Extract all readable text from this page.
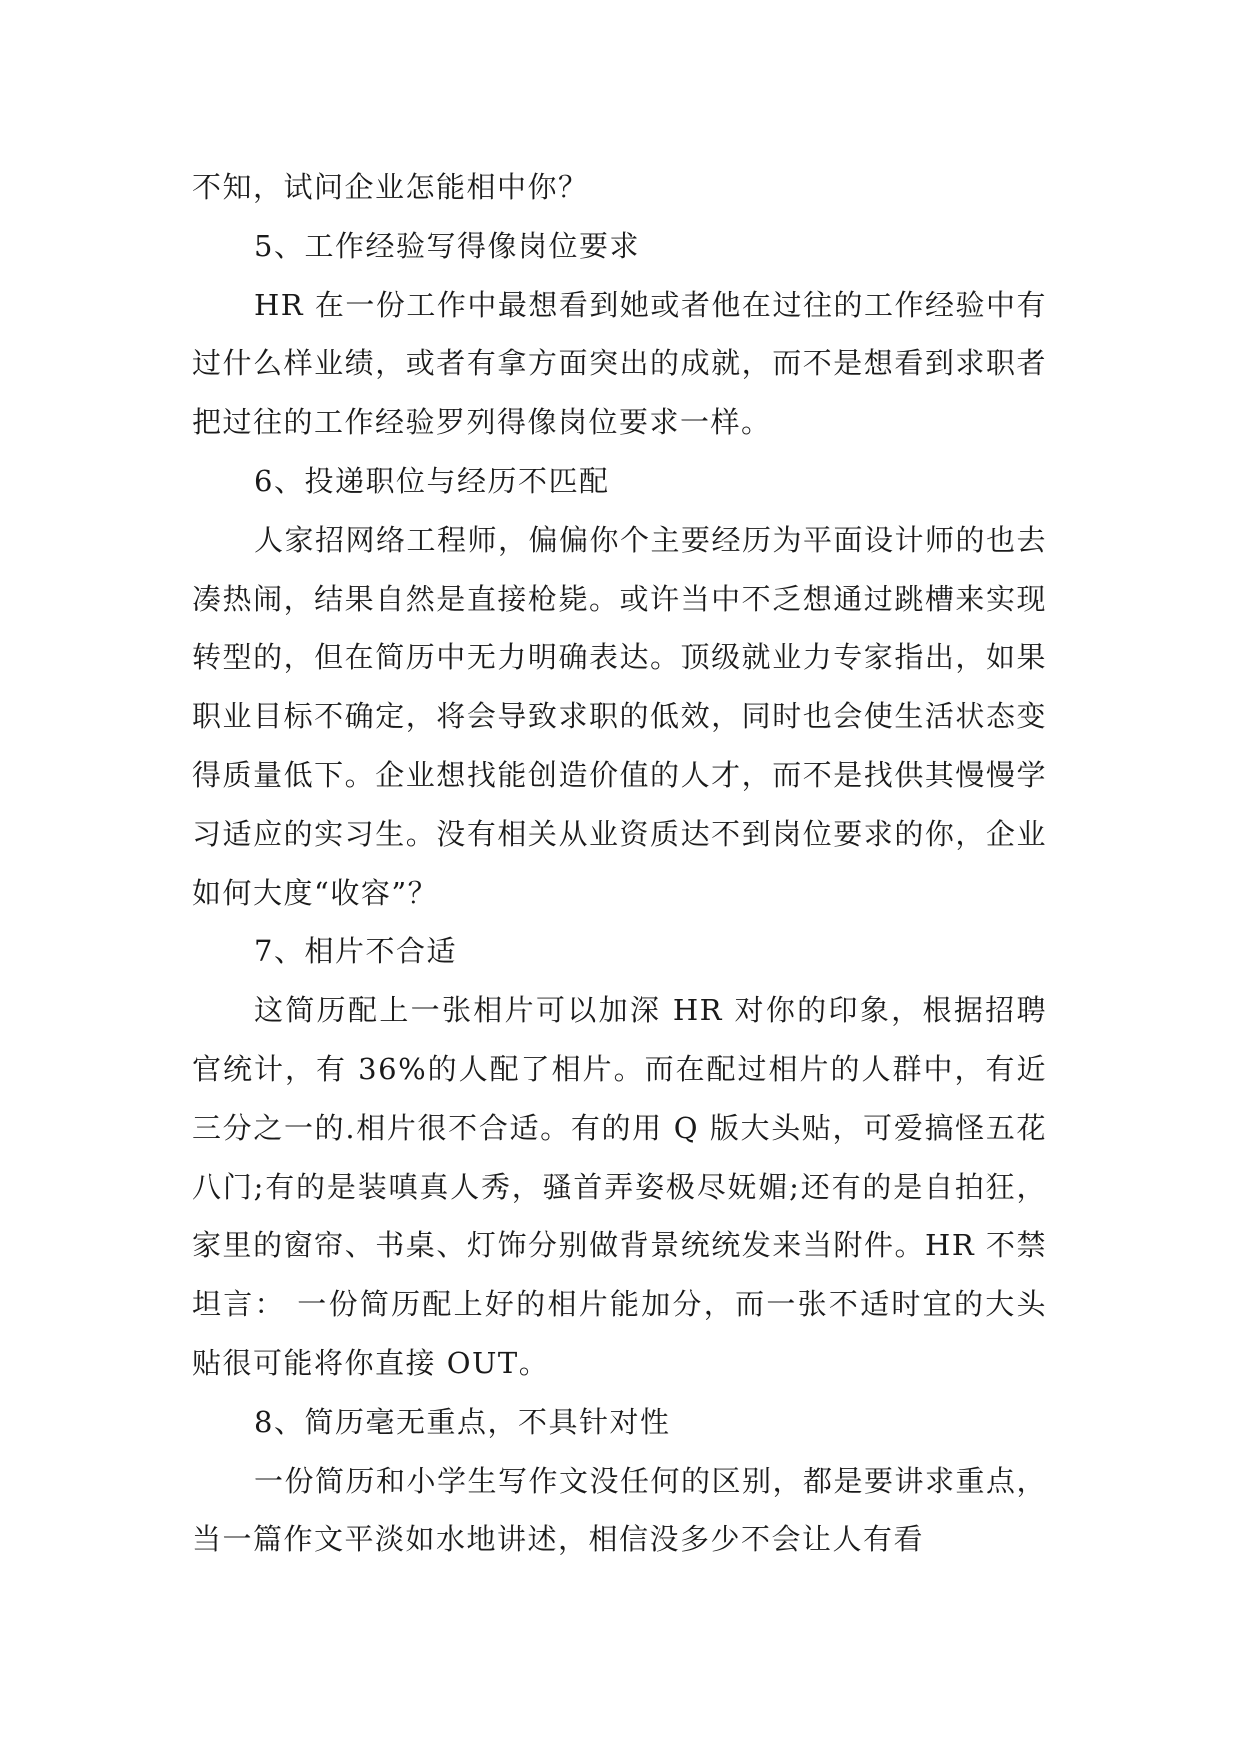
不知，试问企业怎能相中你？

5、工作经验写得像岗位要求

HR 在一份工作中最想看到她或者他在过往的工作经验中有过什么样业绩，或者有拿方面突出的成就，而不是想看到求职者把过往的工作经验罗列得像岗位要求一样。

6、投递职位与经历不匹配

人家招网络工程师，偏偏你个主要经历为平面设计师的也去凑热闹，结果自然是直接枪毙。或许当中不乏想通过跳槽来实现转型的，但在简历中无力明确表达。顶级就业力专家指出，如果职业目标不确定，将会导致求职的低效，同时也会使生活状态变得质量低下。企业想找能创造价值的人才，而不是找供其慢慢学习适应的实习生。没有相关从业资质达不到岗位要求的你，企业如何大度“收容”？

7、相片不合适

这简历配上一张相片可以加深 HR 对你的印象，根据招聘官统计，有 36%的人配了相片。而在配过相片的人群中，有近三分之一的.相片很不合适。有的用 Q 版大头贴，可爱搞怪五花八门;有的是装嗔真人秀，骚首弄姿极尽妩媚;还有的是自拍狂，家里的窗帘、书桌、灯饰分别做背景统统发来当附件。HR 不禁坦言： 一份简历配上好的相片能加分，而一张不适时宜的大头贴很可能将你直接 OUT。

8、简历毫无重点，不具针对性

一份简历和小学生写作文没任何的区别，都是要讲求重点，当一篇作文平淡如水地讲述，相信没多少不会让人有看
